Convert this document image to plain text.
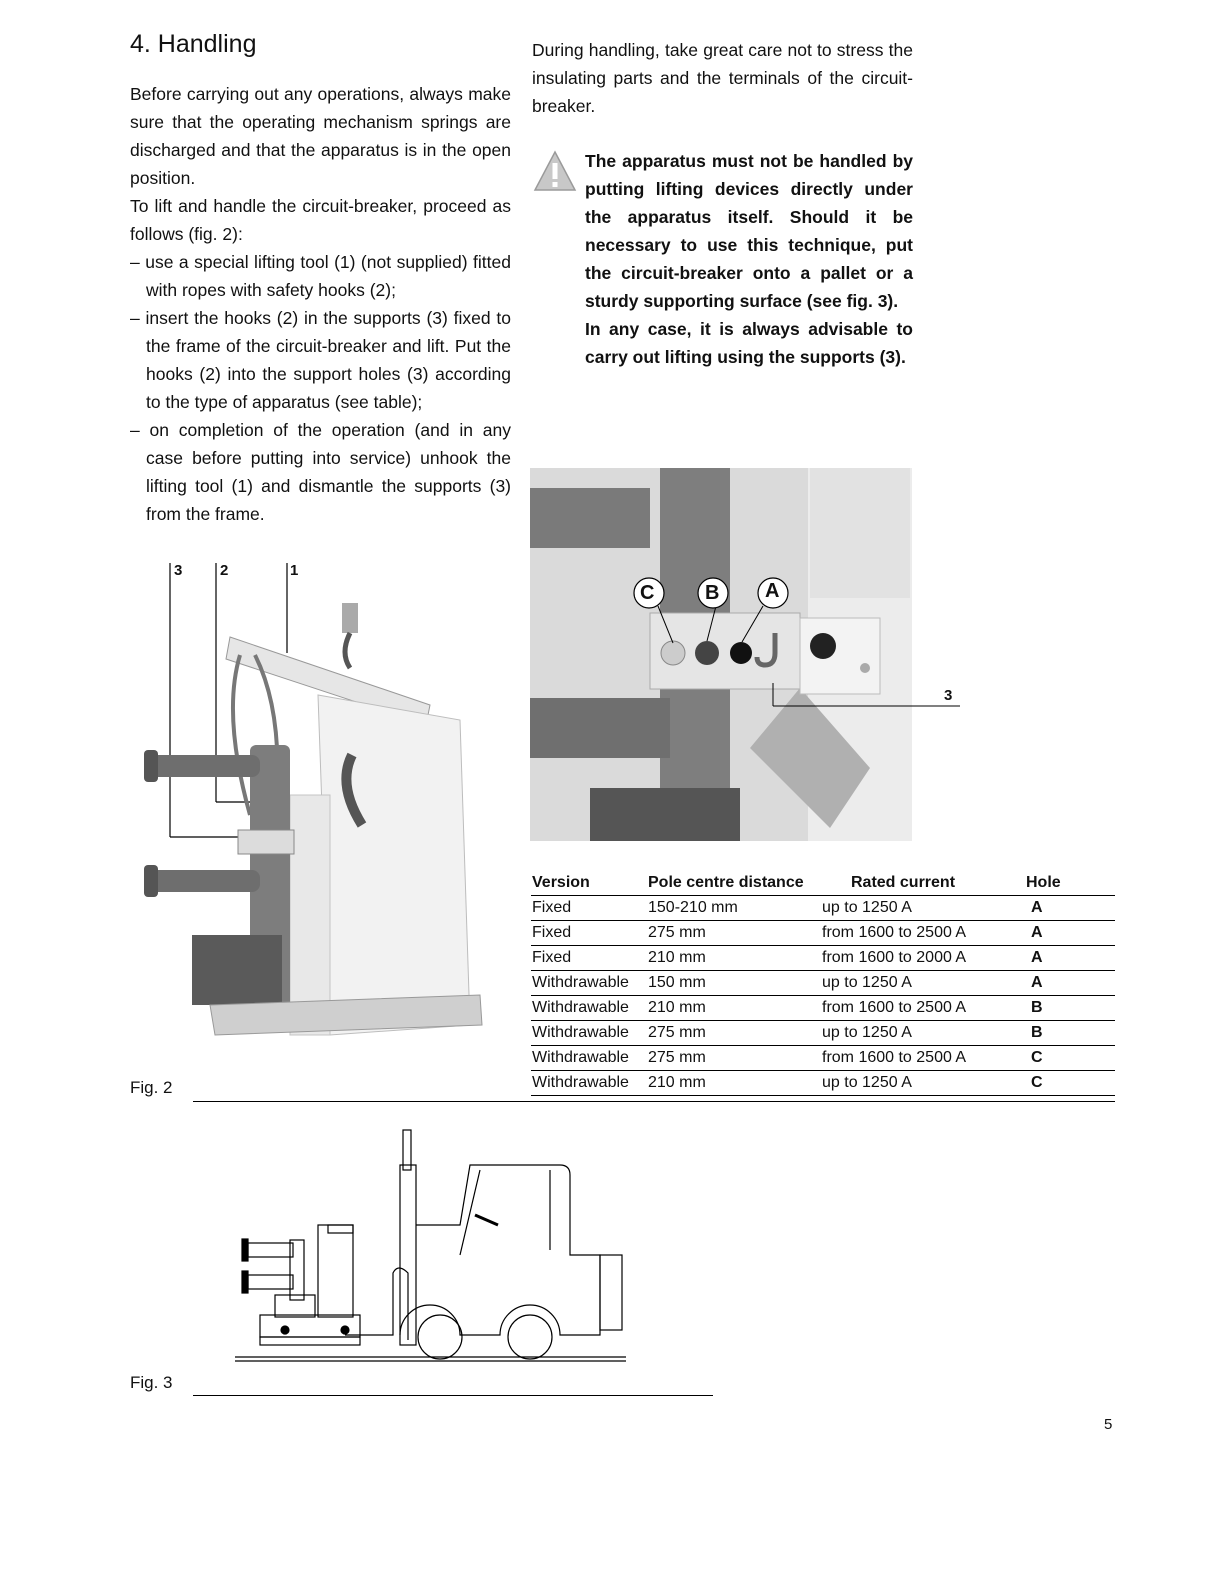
4. Handling

Before carrying out any operations, always make sure that the operating mechanism springs are discharged and that the apparatus is in the open position.

To lift and handle the circuit-breaker, proceed as follows (fig. 2):

– use a special lifting tool (1) (not supplied) fitted with ropes with safety hooks (2);
– insert the hooks (2) in the supports (3) fixed to the frame of the circuit-breaker and lift. Put the hooks (2) into the support holes (3) according to the type of apparatus (see table);
– on completion of the operation (and in any case before putting into service) unhook the lifting tool (1) and dismantle the supports (3) from the frame.

During handling, take great care not to stress the insulating parts and the terminals of the circuit-breaker.

The apparatus must not be handled by putting lifting devices directly under the apparatus itself. Should it be necessary to use this technique, put the circuit-breaker onto a pallet or a sturdy supporting surface (see fig. 3).

In any case, it is always advisable to carry out lifting using the supports (3).

3	2	1
Fig. 2
C	B A
3
Version	Pole centre distance	Rated current	Hole
Fixed	150-210 mm	up to 1250 A	A
Fixed	275 mm	from 1600 to 2500 A	A
Fixed	210 mm	from 1600 to 2000 A	A
Withdrawable	150 mm	up to 1250 A	A
Withdrawable	210 mm	from 1600 to 2500 A	B
Withdrawable	275 mm	up to 1250 A	B
Withdrawable	275 mm	from 1600 to 2500 A	C
Withdrawable	210 mm	up to 1250 A	C
Fig. 3
5
